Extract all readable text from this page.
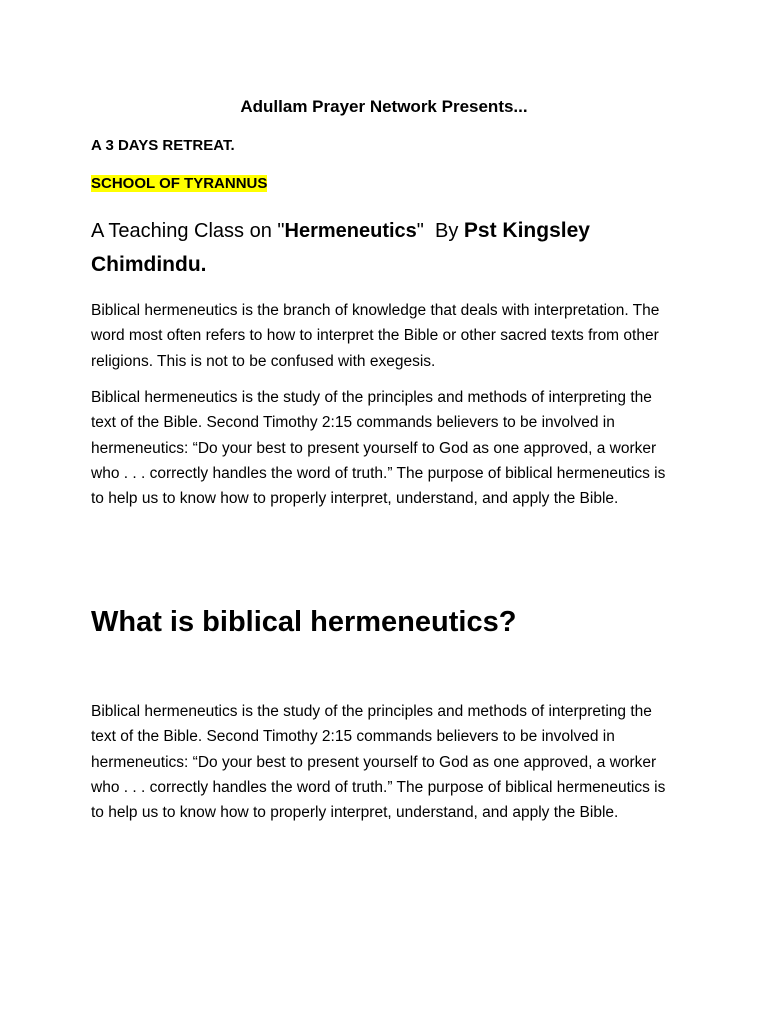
Adullam Prayer Network Presents...

A 3 DAYS RETREAT.

SCHOOL OF TYRANNUS

A Teaching Class on "Hermeneutics"  By Pst Kingsley
Chimdindu.

Biblical hermeneutics is the branch of knowledge that deals with interpretation. The word most often refers to how to interpret the Bible or other sacred texts from other religions. This is not to be confused with exegesis.

Biblical hermeneutics is the study of the principles and methods of interpreting the text of the Bible. Second Timothy 2:15 commands believers to be involved in hermeneutics: “Do your best to present yourself to God as one approved, a worker who . . . correctly handles the word of truth.” The purpose of biblical hermeneutics is to help us to know how to properly interpret, understand, and apply the Bible.

What is biblical hermeneutics?

Biblical hermeneutics is the study of the principles and methods of interpreting the text of the Bible. Second Timothy 2:15 commands believers to be involved in hermeneutics: “Do your best to present yourself to God as one approved, a worker who . . . correctly handles the word of truth.” The purpose of biblical hermeneutics is to help us to know how to properly interpret, understand, and apply the Bible.
